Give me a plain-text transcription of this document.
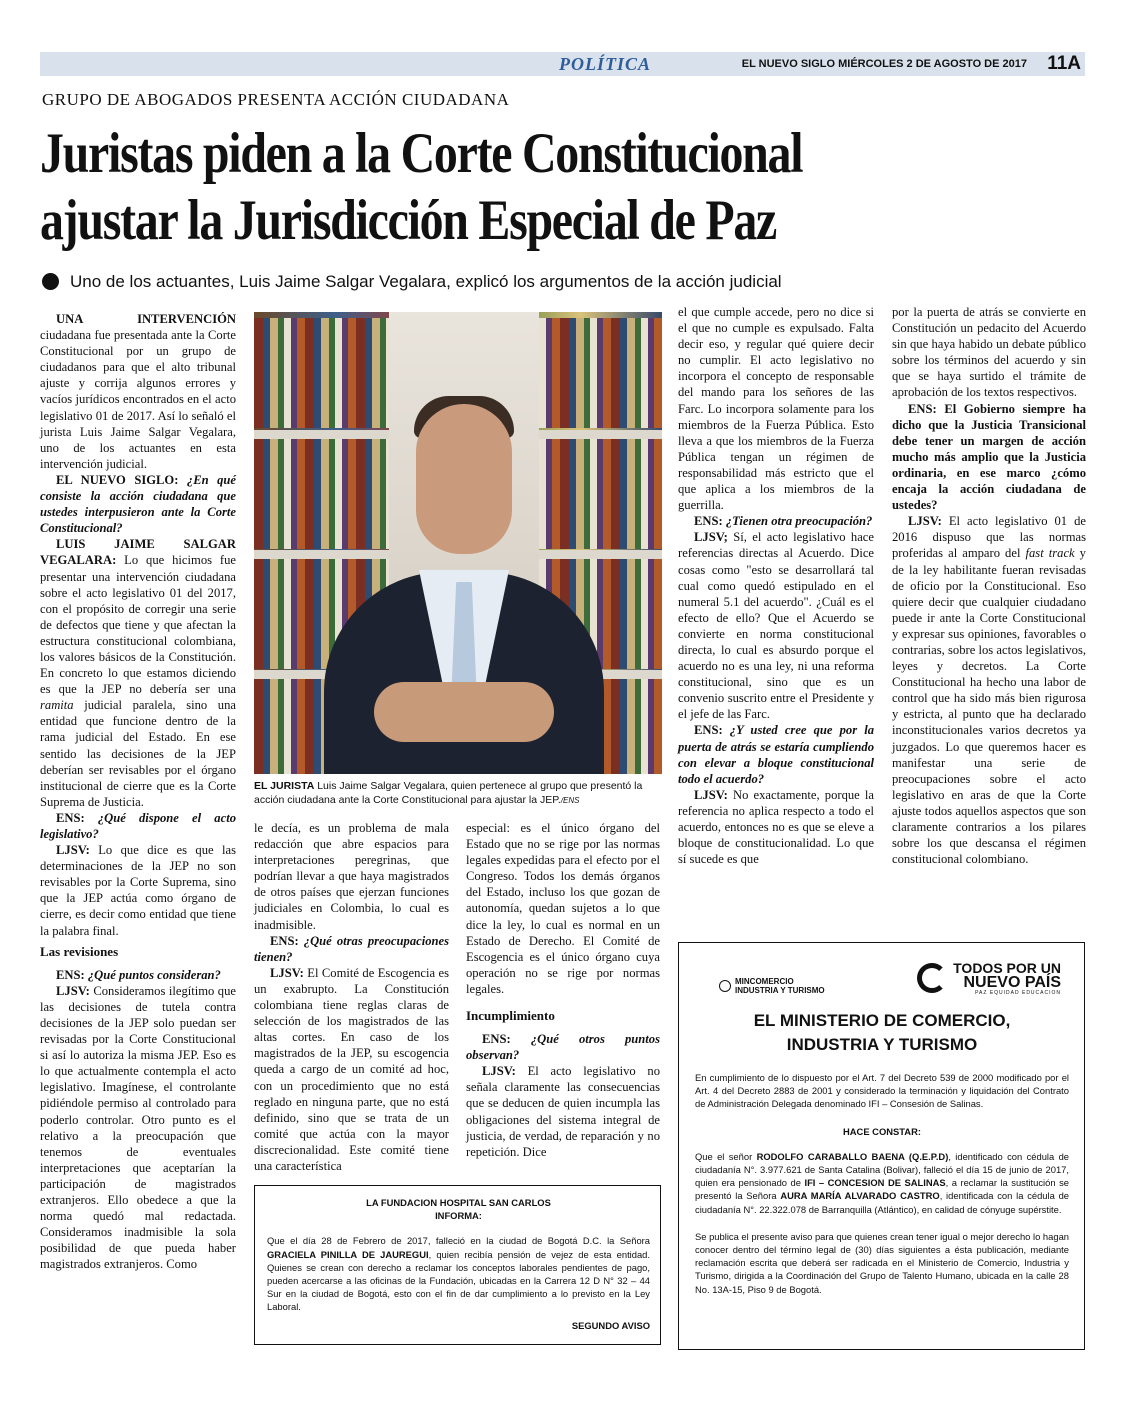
POLÍTICA	EL NUEVO SIGLO MIÉRCOLES 2 DE AGOSTO DE 2017 11A
GRUPO DE ABOGADOS PRESENTA ACCIÓN CIUDADANA
Juristas piden a la Corte Constitucional
ajustar la Jurisdicción Especial de Paz
Uno de los actuantes, Luis Jaime Salgar Vegalara, explicó los argumentos de la acción judicial

UNA INTERVENCIÓN ciudadana fue presentada ante la Corte Constitucional por un grupo de ciudadanos para que el alto tribunal ajuste y corrija algunos errores y vacíos jurídicos encontrados en el acto legislativo 01 de 2017. Así lo señaló el jurista Luis Jaime Salgar Vegalara, uno de los actuantes en esta intervención judicial.

EL NUEVO SIGLO: ¿En qué consiste la acción ciudadana que ustedes interpusieron ante la Corte Constitucional?

LUIS JAIME SALGAR VEGALARA: Lo que hicimos fue presentar una intervención ciudadana sobre el acto legislativo 01 del 2017, con el propósito de corregir una serie de defectos que tiene y que afectan la estructura constitucional colombiana, los valores básicos de la Constitución. En concreto lo que estamos diciendo es que la JEP no debería ser una ramita judicial paralela, sino una entidad que funcione dentro de la rama judicial del Estado. En ese sentido las decisiones de la JEP deberían ser revisables por el órgano institucional de cierre que es la Corte Suprema de Justicia.

ENS: ¿Qué dispone el acto legislativo?

LJSV: Lo que dice es que las determinaciones de la JEP no son revisables por la Corte Suprema, sino que la JEP actúa como órgano de cierre, es decir como entidad que tiene la palabra final.

Las revisiones

ENS: ¿Qué puntos consideran?

LJSV: Consideramos ilegítimo que las decisiones de tutela contra decisiones de la JEP solo puedan ser revisadas por la Corte Constitucional si así lo autoriza la misma JEP. Eso es lo que actualmente contempla el acto legislativo. Imagínese, el controlante pidiéndole permiso al controlado para poderlo controlar. Otro punto es el relativo a la preocupación que tenemos de eventuales interpretaciones que aceptarían la participación de magistrados extranjeros. Ello obedece a que la norma quedó mal redactada. Consideramos inadmisible la sola posibilidad de que pueda haber magistrados extranjeros. Como

EL JURISTA Luis Jaime Salgar Vegalara, quien pertenece al grupo que presentó la acción ciudadana ante la Corte Constitucional para ajustar la JEP./ENS

le decía, es un problema de mala redacción que abre espacios para interpretaciones peregrinas, que podrían llevar a que haya magistrados de otros países que ejerzan funciones judiciales en Colombia, lo cual es inadmisible.

ENS: ¿Qué otras preocupaciones tienen?

LJSV: El Comité de Escogencia es un exabrupto. La Constitución colombiana tiene reglas claras de selección de los magistrados de las altas cortes. En caso de los magistrados de la JEP, su escogencia queda a cargo de un comité ad hoc, con un procedimiento que no está reglado en ninguna parte, que no está definido, sino que se trata de un comité que actúa con la mayor discrecionalidad. Este comité tiene una característica

especial: es el único órgano del Estado que no se rige por las normas legales expedidas para el efecto por el Congreso. Todos los demás órganos del Estado, incluso los que gozan de autonomía, quedan sujetos a lo que dice la ley, lo cual es normal en un Estado de Derecho. El Comité de Escogencia es el único órgano cuya operación no se rige por normas legales.

Incumplimiento

ENS: ¿Qué otros puntos observan?

LJSV: El acto legislativo no señala claramente las consecuencias que se deducen de quien incumpla las obligaciones del sistema integral de justicia, de verdad, de reparación y no repetición. Dice

el que cumple accede, pero no dice si el que no cumple es expulsado. Falta decir eso, y regular qué quiere decir no cumplir. El acto legislativo no incorpora el concepto de responsable del mando para los señores de las Farc. Lo incorpora solamente para los miembros de la Fuerza Pública. Esto lleva a que los miembros de la Fuerza Pública tengan un régimen de responsabilidad más estricto que el que aplica a los miembros de la guerrilla.

ENS: ¿Tienen otra preocupación?

LJSV; Sí, el acto legislativo hace referencias directas al Acuerdo. Dice cosas como "esto se desarrollará tal cual como quedó estipulado en el numeral 5.1 del acuerdo". ¿Cuál es el efecto de ello? Que el Acuerdo se convierte en norma constitucional directa, lo cual es absurdo porque el acuerdo no es una ley, ni una reforma constitucional, sino que es un convenio suscrito entre el Presidente y el jefe de las Farc.

ENS: ¿Y usted cree que por la puerta de atrás se estaría cumpliendo con elevar a bloque constitucional todo el acuerdo?

LJSV: No exactamente, porque la referencia no aplica respecto a todo el acuerdo, entonces no es que se eleve a bloque de constitucionalidad. Lo que sí sucede es que

por la puerta de atrás se convierte en Constitución un pedacito del Acuerdo sin que haya habido un debate público sobre los términos del acuerdo y sin que se haya surtido el trámite de aprobación de los textos respectivos.

ENS: El Gobierno siempre ha dicho que la Justicia Transicional debe tener un margen de acción mucho más amplio que la Justicia ordinaria, en ese marco ¿cómo encaja la acción ciudadana de ustedes?

LJSV: El acto legislativo 01 de 2016 dispuso que las normas proferidas al amparo del fast track y de la ley habilitante fueran revisadas de oficio por la Constitucional. Eso quiere decir que cualquier ciudadano puede ir ante la Corte Constitucional y expresar sus opiniones, favorables o contrarias, sobre los actos legislativos, leyes y decretos. La Corte Constitucional ha hecho una labor de control que ha sido más bien rigurosa y estricta, al punto que ha declarado inconstitucionales varios decretos ya juzgados. Lo que queremos hacer es manifestar una serie de preocupaciones sobre el acto legislativo en aras de que la Corte ajuste todos aquellos aspectos que son claramente contrarios a los pilares sobre los que descansa el régimen constitucional colombiano.

LA FUNDACION HOSPITAL SAN CARLOS
INFORMA:
Que el día 28 de Febrero de 2017, falleció en la ciudad de Bogotá D.C. la Señora GRACIELA PINILLA DE JAUREGUI, quien recibía pensión de vejez de esta entidad. Quienes se crean con derecho a reclamar los conceptos laborales pendientes de pago, pueden acercarse a las oficinas de la Fundación, ubicadas en la Carrera 12 D N° 32 – 44 Sur en la ciudad de Bogotá, esto con el fin de dar cumplimiento a lo previsto en la Ley Laboral.
SEGUNDO AVISO
MINCOMERCIO
INDUSTRIA Y TURISMO
TODOS POR UN
NUEVO PAÍS
PAZ EQUIDAD EDUCACION
EL MINISTERIO DE COMERCIO,
INDUSTRIA Y TURISMO

En cumplimiento de lo dispuesto por el Art. 7 del Decreto 539 de 2000 modificado por el Art. 4 del Decreto 2883 de 2001 y considerado la terminación y liquidación del Contrato de Administración Delegada denominado IFI – Consesión de Salinas.

HACE CONSTAR:

Que el señor RODOLFO CARABALLO BAENA (Q.E.P.D), identificado con cédula de ciudadanía N°. 3.977.621 de Santa Catalina (Bolivar), falleció el día 15 de junio de 2017, quien era pensionado de IFI – CONCESION DE SALINAS, a reclamar la sustitución se presentó la Señora AURA MARÍA ALVARADO CASTRO, identificada con la cédula de ciudadanía N°. 22.322.078 de Barranquilla (Atlántico), en calidad de cónyuge supérstite.

Se publica el presente aviso para que quienes crean tener igual o mejor derecho lo hagan conocer dentro del término legal de (30) días siguientes a ésta publicación, mediante reclamación escrita que deberá ser radicada en el Ministerio de Comercio, Industria y Turismo, dirigida a la Coordinación del Grupo de Talento Humano, ubicada en la calle 28 No. 13A-15, Piso 9 de Bogotá.
